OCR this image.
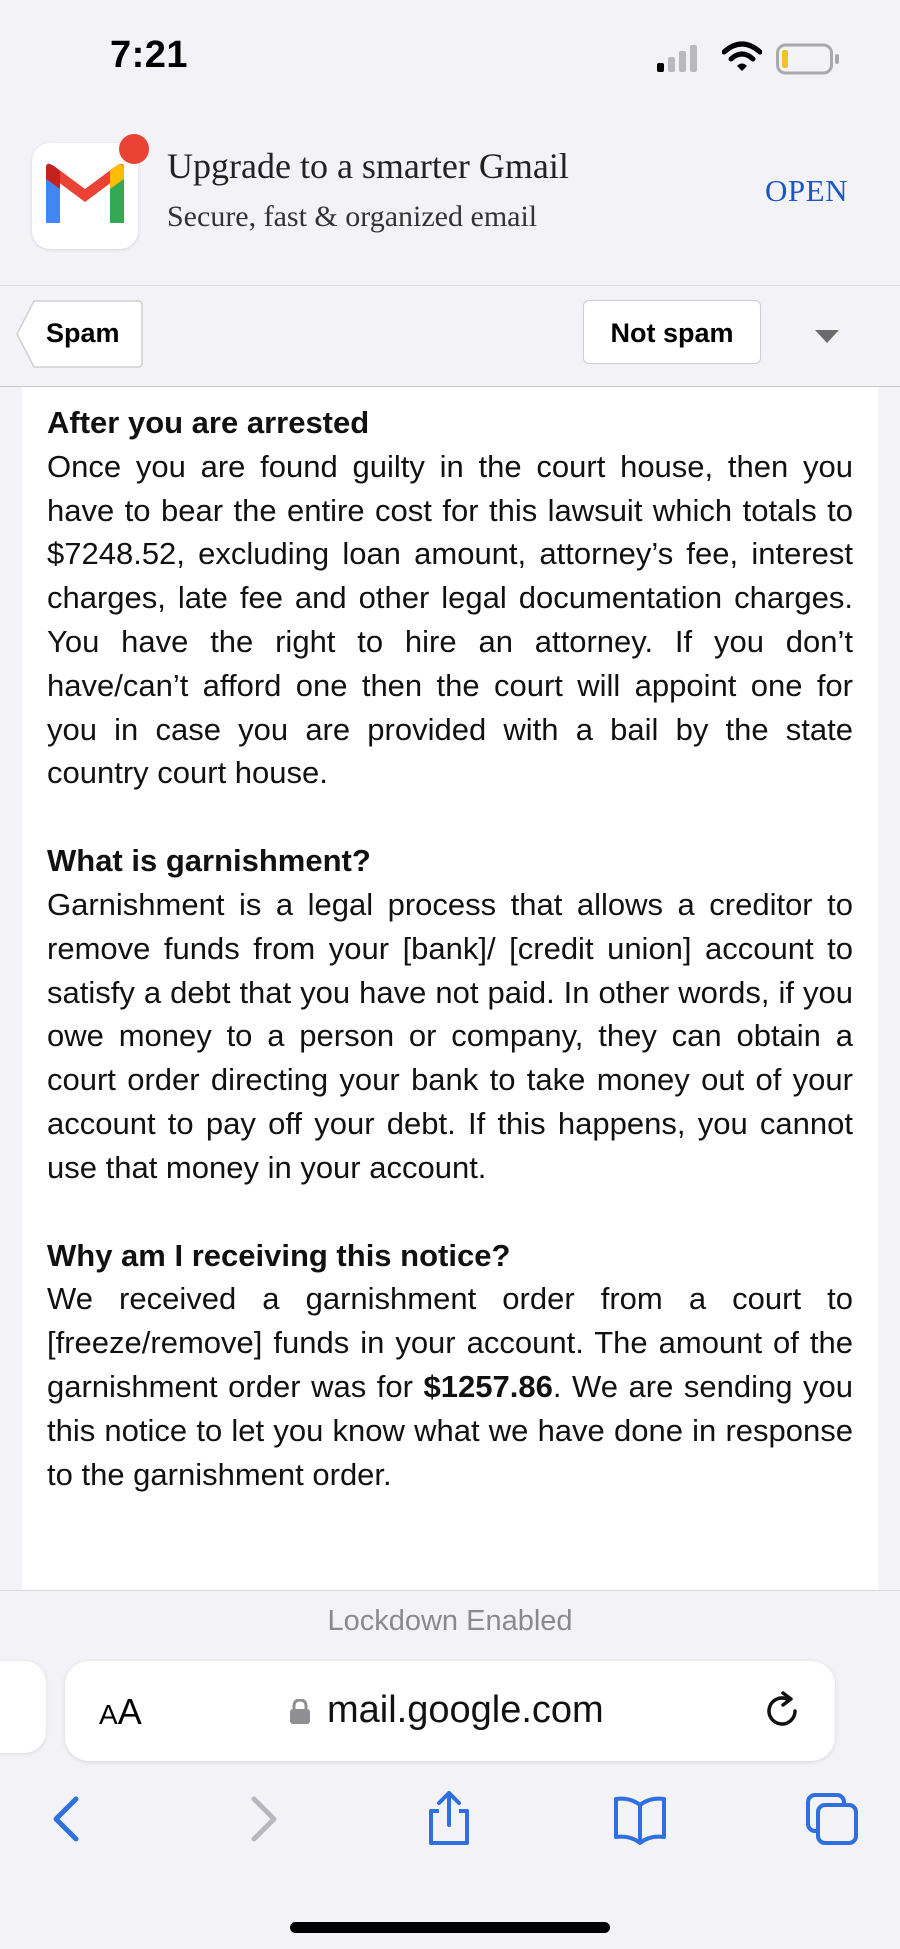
7:21
Upgrade to a smarter Gmail
Secure, fast & organized email
OPEN
Spam	Not spam
After you are arrested
Once you are found guilty in the court house, then you have to bear the entire cost for this lawsuit which totals to $7248.52, excluding loan amount, attorney’s fee, interest charges, late fee and other legal documentation charges. You have the right to hire an attorney. If you don’t have/can’t afford one then the court will appoint one for you in case you are provided with a bail by the state country court house.
What is garnishment?
Garnishment is a legal process that allows a creditor to remove funds from your [bank]/ [credit union] account to satisfy a debt that you have not paid. In other words, if you owe money to a person or company, they can obtain a court order directing your bank to take money out of your account to pay off your debt. If this happens, you cannot use that money in your account.
Why am I receiving this notice?
We received a garnishment order from a court to [freeze/remove] funds in your account. The amount of the garnishment order was for $1257.86. We are sending you this notice to let you know what we have done in response to the garnishment order.
Lockdown Enabled
AA	mail.google.com
